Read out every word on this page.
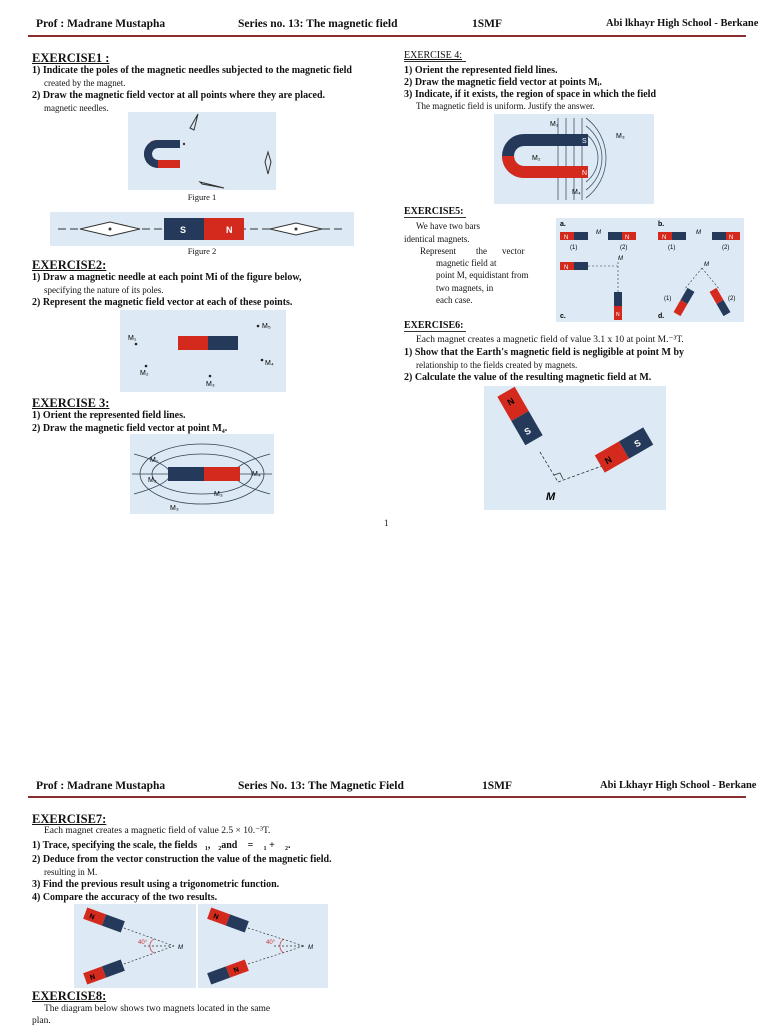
Prof : Madrane Mustapha	Series no. 13: The magnetic field	1SMF	Abi lkhayr High School - Berkane
EXERCISE1 :
1) Indicate the poles of the magnetic needles subjected to the magnetic field
created by the magnet.
2) Draw the magnetic field vector at all points where they are placed.
magnetic needles.
Figure 1
S	N
Figure 2
EXERCISE2:
1) Draw a magnetic needle at each point Mi of the figure below,
specifying the nature of its poles.
2) Represent the magnetic field vector at each of these points.
M₁
M₂
M₃
M₄
M₅
EXERCISE 3:
1) Orient the represented field lines.
2) Draw the magnetic field vector at point M₄.
M₁
M₂
M₃
M₄
M₃
1
EXERCISE 4:
1) Orient the represented field lines.
2) Draw the magnetic field vector at points Mᵢ.
3) Indicate, if it exists, the region of space in which the field
The magnetic field is uniform. Justify the answer.
S
N
M₁
M₂
M₃
M₄
EXERCISE5:
We have two bars
identical magnets.
Represent the vector
magnetic field at
point M, equidistant from
two magnets, in
each case.
a.
N	N
M
(1)	(2)
b.
N	N
M
(1)	(2)
N
M
N
c.
M
(1)	(2)
d.
EXERCISE6:
Each magnet creates a magnetic field of value 3.1 x 10 at point M.⁻³T.
1) Show that the Earth's magnetic field is negligible at point M by
relationship to the fields created by magnets.
2) Calculate the value of the resulting magnetic field at M.
N
S
N
S
M
Prof : Madrane Mustapha	Series No. 13: The Magnetic Field	1SMF	Abi Lkhayr High School - Berkane
EXERCISE7:
Each magnet creates a magnetic field of value 2.5 × 10.⁻³T.
1) Trace, specifying the scale, the fields⃗₁,⃗₂and⃗ = ⃗₁ + ⃗₂.
2) Deduce from the vector construction the value of the magnetic field.
resulting in M.
3) Find the previous result using a trigonometric function.
4) Compare the accuracy of the two results.
N
N
40°
M
N
N
40°
M
EXERCISE8:
The diagram below shows two magnets located in the same
plan.
